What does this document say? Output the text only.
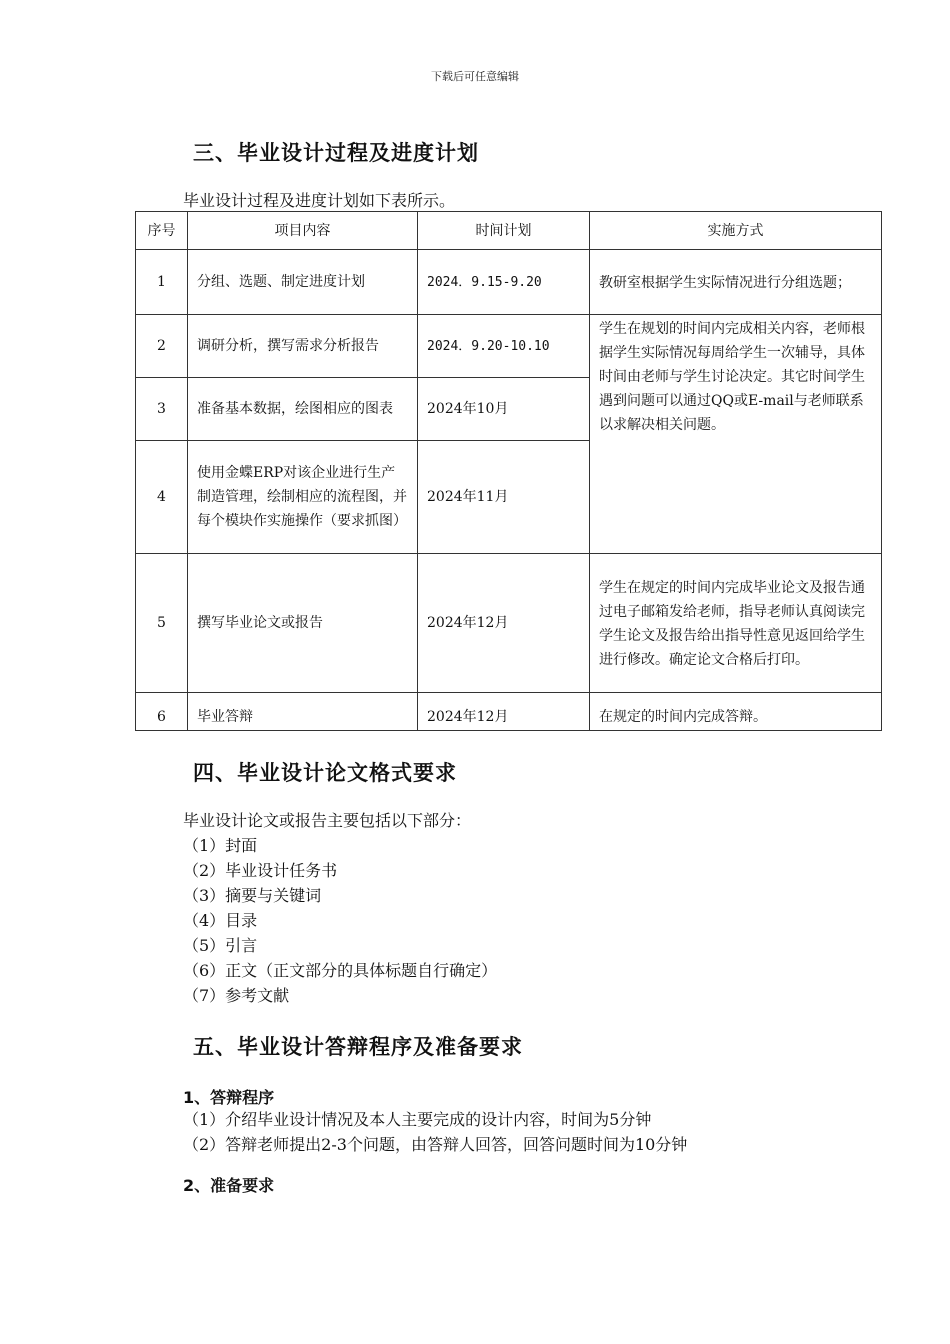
下载后可任意编辑
三、毕业设计过程及进度计划
毕业设计过程及进度计划如下表所示。
序号	项目内容	时间计划	实施方式
1	分组、选题、制定进度计划	2024．9.15-9.20	教研室根据学生实际情况进行分组选题；
2	调研分析，撰写需求分析报告	2024．9.20-10.10	学生在规划的时间内完成相关内容，老师根据学生实际情况每周给学生一次辅导，具体时间由老师与学生讨论决定。其它时间学生遇到问题可以通过QQ或E-mail与老师联系以求解决相关问题。
3	准备基本数据，绘图相应的图表	2024年10月	
4	使用金蝶ERP对该企业进行生产制造管理，绘制相应的流程图，并每个模块作实施操作（要求抓图）	2024年11月	
5	撰写毕业论文或报告	2024年12月	学生在规定的时间内完成毕业论文及报告通过电子邮箱发给老师，指导老师认真阅读完学生论文及报告给出指导性意见返回给学生进行修改。确定论文合格后打印。
6	毕业答辩	2024年12月	在规定的时间内完成答辩。
四、毕业设计论文格式要求
毕业设计论文或报告主要包括以下部分：
（1）封面
（2）毕业设计任务书
（3）摘要与关键词
（4）目录
（5）引言
（6）正文（正文部分的具体标题自行确定）
（7）参考文献
五、毕业设计答辩程序及准备要求
1、答辩程序
（1）介绍毕业设计情况及本人主要完成的设计内容，时间为5分钟
（2）答辩老师提出2-3个问题，由答辩人回答，回答问题时间为10分钟
2、准备要求
